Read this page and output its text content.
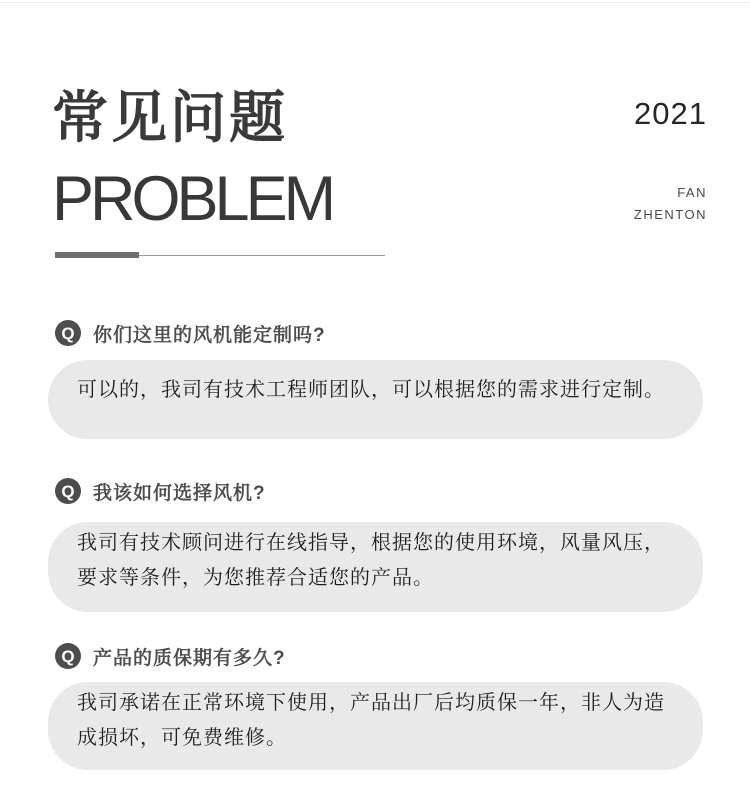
常见问题
PROBLEM
2021
FAN
ZHENTON
Q 你们这里的风机能定制吗?
可以的，我司有技术工程师团队，可以根据您的需求进行定制。
Q 我该如何选择风机?
我司有技术顾问进行在线指导，根据您的使用环境，风量风压，要求等条件，为您推荐合适您的产品。
Q 产品的质保期有多久?
我司承诺在正常环境下使用，产品出厂后均质保一年，非人为造成损坏，可免费维修。
